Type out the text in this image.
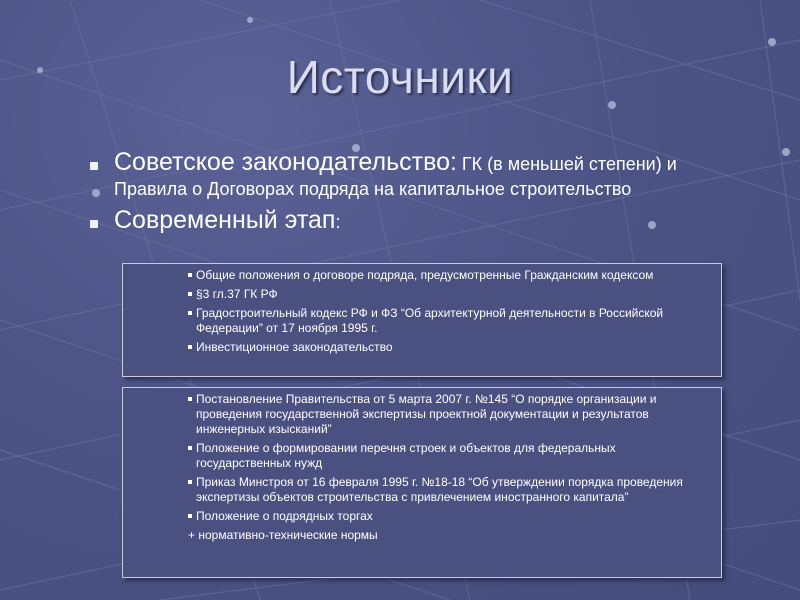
Источники
Советское законодательство: ГК (в меньшей степени) и
Правила о Договорах подряда на капитальное строительство
Современный этап:
Общие положения о договоре подряда, предусмотренные Гражданским кодексом
§3 гл.37 ГК РФ
Градостроительный кодекс РФ и ФЗ “Об архитектурной деятельности в Российской Федерации” от 17 ноября 1995 г.
Инвестиционное законодательство
Постановление Правительства от 5 марта 2007 г. №145 “О порядке организации и проведения государственной экспертизы проектной документации и результатов инженерных изысканий”
Положение о формировании перечня строек и объектов для федеральных государственных нужд
Приказ Минстроя от 16 февраля 1995 г. №18-18 “Об утверждении порядка проведения экспертизы объектов строительства с привлечением иностранного капитала”
Положение о подрядных торгах
+ нормативно-технические нормы
